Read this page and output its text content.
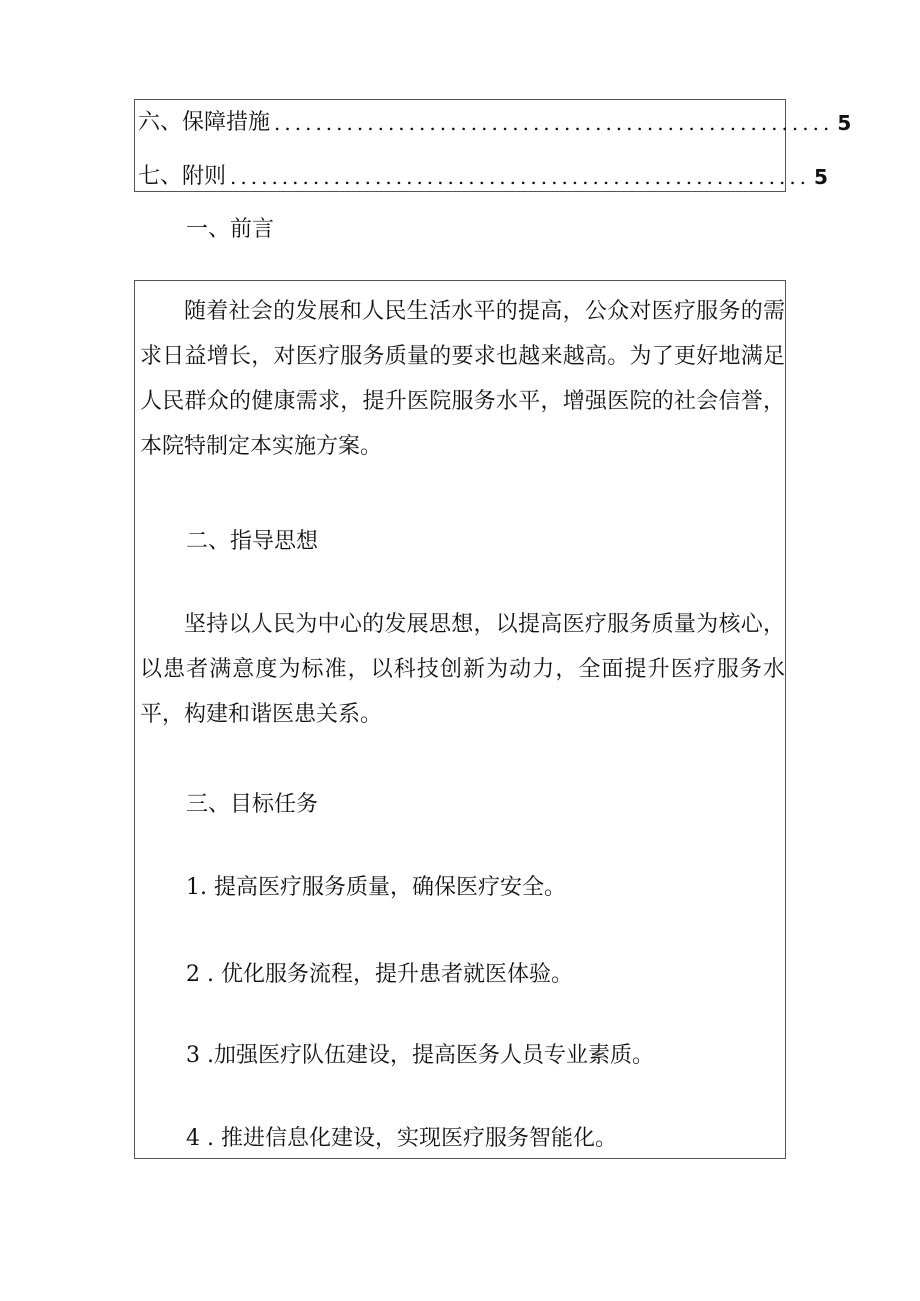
六、保障措施 ...................................................... 5
七、附则 ........................................................ 5
一、前言
随着社会的发展和人民生活水平的提高，公众对医疗服务的需求日益增长，对医疗服务质量的要求也越来越高。为了更好地满足人民群众的健康需求，提升医院服务水平，增强医院的社会信誉，本院特制定本实施方案。
二、指导思想
坚持以人民为中心的发展思想，以提高医疗服务质量为核心，以患者满意度为标准，以科技创新为动力，全面提升医疗服务水平，构建和谐医患关系。
三、目标任务
1. 提高医疗服务质量，确保医疗安全。
2 . 优化服务流程，提升患者就医体验。
3 .加强医疗队伍建设，提高医务人员专业素质。
4 . 推进信息化建设，实现医疗服务智能化。
